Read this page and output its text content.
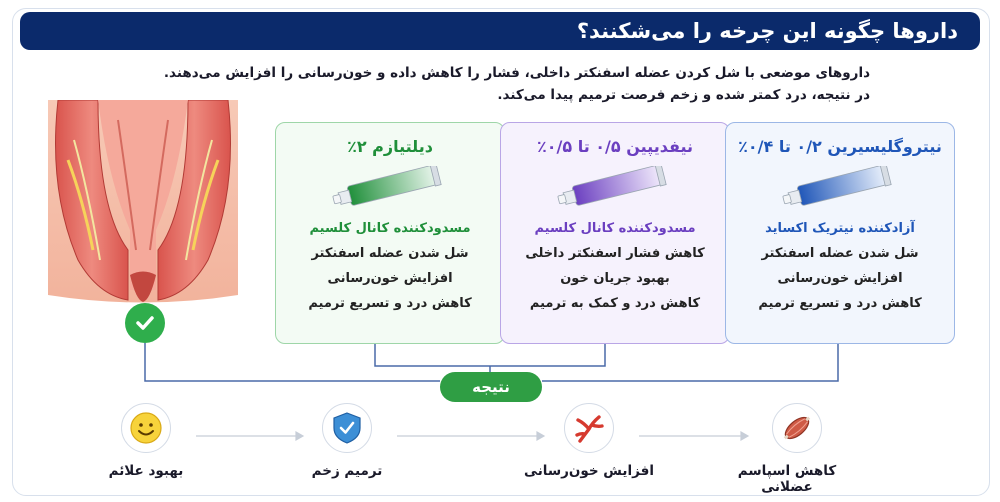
داروها چگونه این چرخه را می‌شکنند؟

داروهای موضعی با شل کردن عضله اسفنکتر داخلی، فشار را کاهش داده و خون‌رسانی را افزایش می‌دهند.

در نتیجه، درد کمتر شده و زخم فرصت ترمیم پیدا می‌کند.

دیلتیازم ۲٪
مسدودکننده کانال کلسیم
شل شدن عضله اسفنکتر
افزایش خون‌رسانی
کاهش درد و تسریع ترمیم
نیفدیپین ۰/۵ تا ۰/۵٪
مسدودکننده کانال کلسیم
کاهش فشار اسفنکتر داخلی
بهبود جریان خون
کاهش درد و کمک به ترمیم
نیتروگلیسیرین ۰/۲ تا ۰/۴٪
آزادکننده نیتریک اکساید
شل شدن عضله اسفنکتر
افزایش خون‌رسانی
کاهش درد و تسریع ترمیم
نتیجه
بهبود علائم	ترمیم زخم	افزایش خون‌رسانی	کاهش اسپاسم عضلانی
